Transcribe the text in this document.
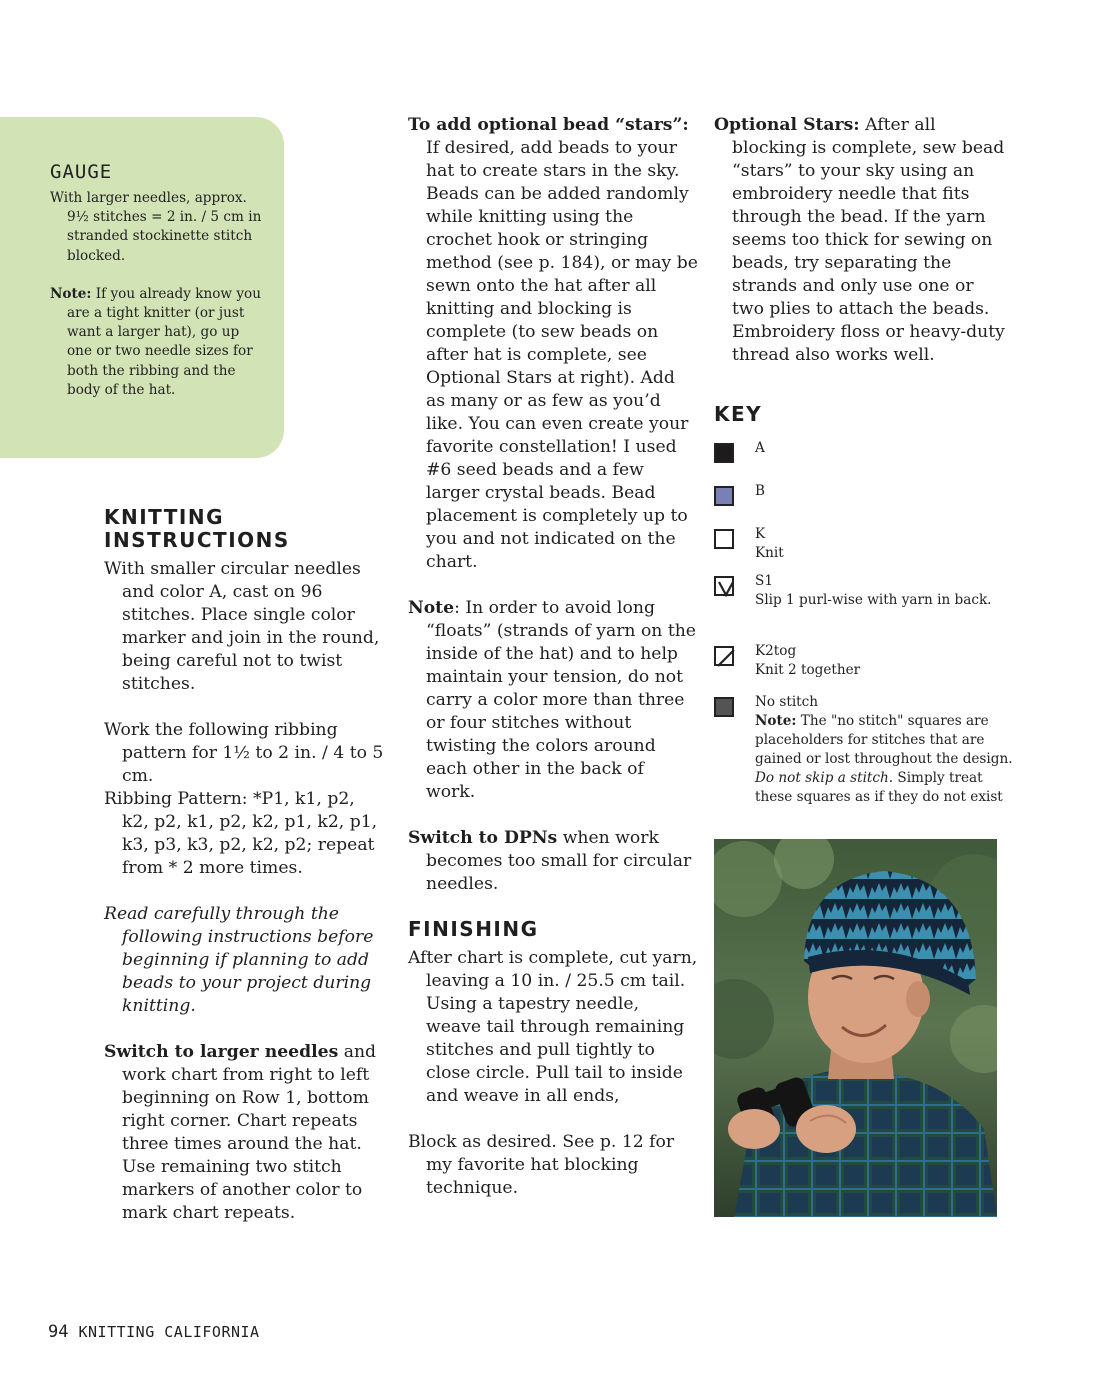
GAUGE

With larger needles, approx. 9½ stitches = 2 in. / 5 cm in stranded stockinette stitch blocked.

Note: If you already know you are a tight knitter (or just want a larger hat), go up one or two needle sizes for both the ribbing and the body of the hat.

KNITTING
INSTRUCTIONS

With smaller circular needles and color A, cast on 96 stitches. Place single color marker and join in the round, being careful not to twist stitches.

Work the following ribbing pattern for 1½ to 2 in. / 4 to 5 cm.

Ribbing Pattern: *P1, k1, p2, k2, p2, k1, p2, k2, p1, k2, p1, k3, p3, k3, p2, k2, p2; repeat from * 2 more times.

Read carefully through the following instructions before beginning if planning to add beads to your project during knitting.

Switch to larger needles and work chart from right to left beginning on Row 1, bottom right corner. Chart repeats three times around the hat. Use remaining two stitch markers of another color to mark chart repeats.

To add optional bead “stars”: If desired, add beads to your hat to create stars in the sky. Beads can be added randomly while knitting using the crochet hook or stringing method (see p. 184), or may be sewn onto the hat after all knitting and blocking is complete (to sew beads on after hat is complete, see Optional Stars at right). Add as many or as few as you’d like. You can even create your favorite constellation! I used #6 seed beads and a few larger crystal beads. Bead placement is completely up to you and not indicated on the chart.

Note: In order to avoid long “floats” (strands of yarn on the inside of the hat) and to help maintain your tension, do not carry a color more than three or four stitches without twisting the colors around each other in the back of work.

Switch to DPNs when work becomes too small for circular needles.

FINISHING

After chart is complete, cut yarn, leaving a 10 in. / 25.5 cm tail. Using a tapestry needle, weave tail through remaining stitches and pull tightly to close circle. Pull tail to inside and weave in all ends,

Block as desired. See p. 12 for my favorite hat blocking technique.

Optional Stars: After all blocking is complete, sew bead “stars” to your sky using an embroidery needle that fits through the bead. If the yarn seems too thick for sewing on beads, try separating the strands and only use one or two plies to attach the beads. Embroidery floss or heavy-duty thread also works well.

KEY
A
B
K
Knit
S1
Slip 1 purl-wise with yarn in back.
K2tog
Knit 2 together
No stitch
Note: The "no stitch" squares are placeholders for stitches that are gained or lost throughout the design. Do not skip a stitch. Simply treat these squares as if they do not exist
94 KNITTING CALIFORNIA
